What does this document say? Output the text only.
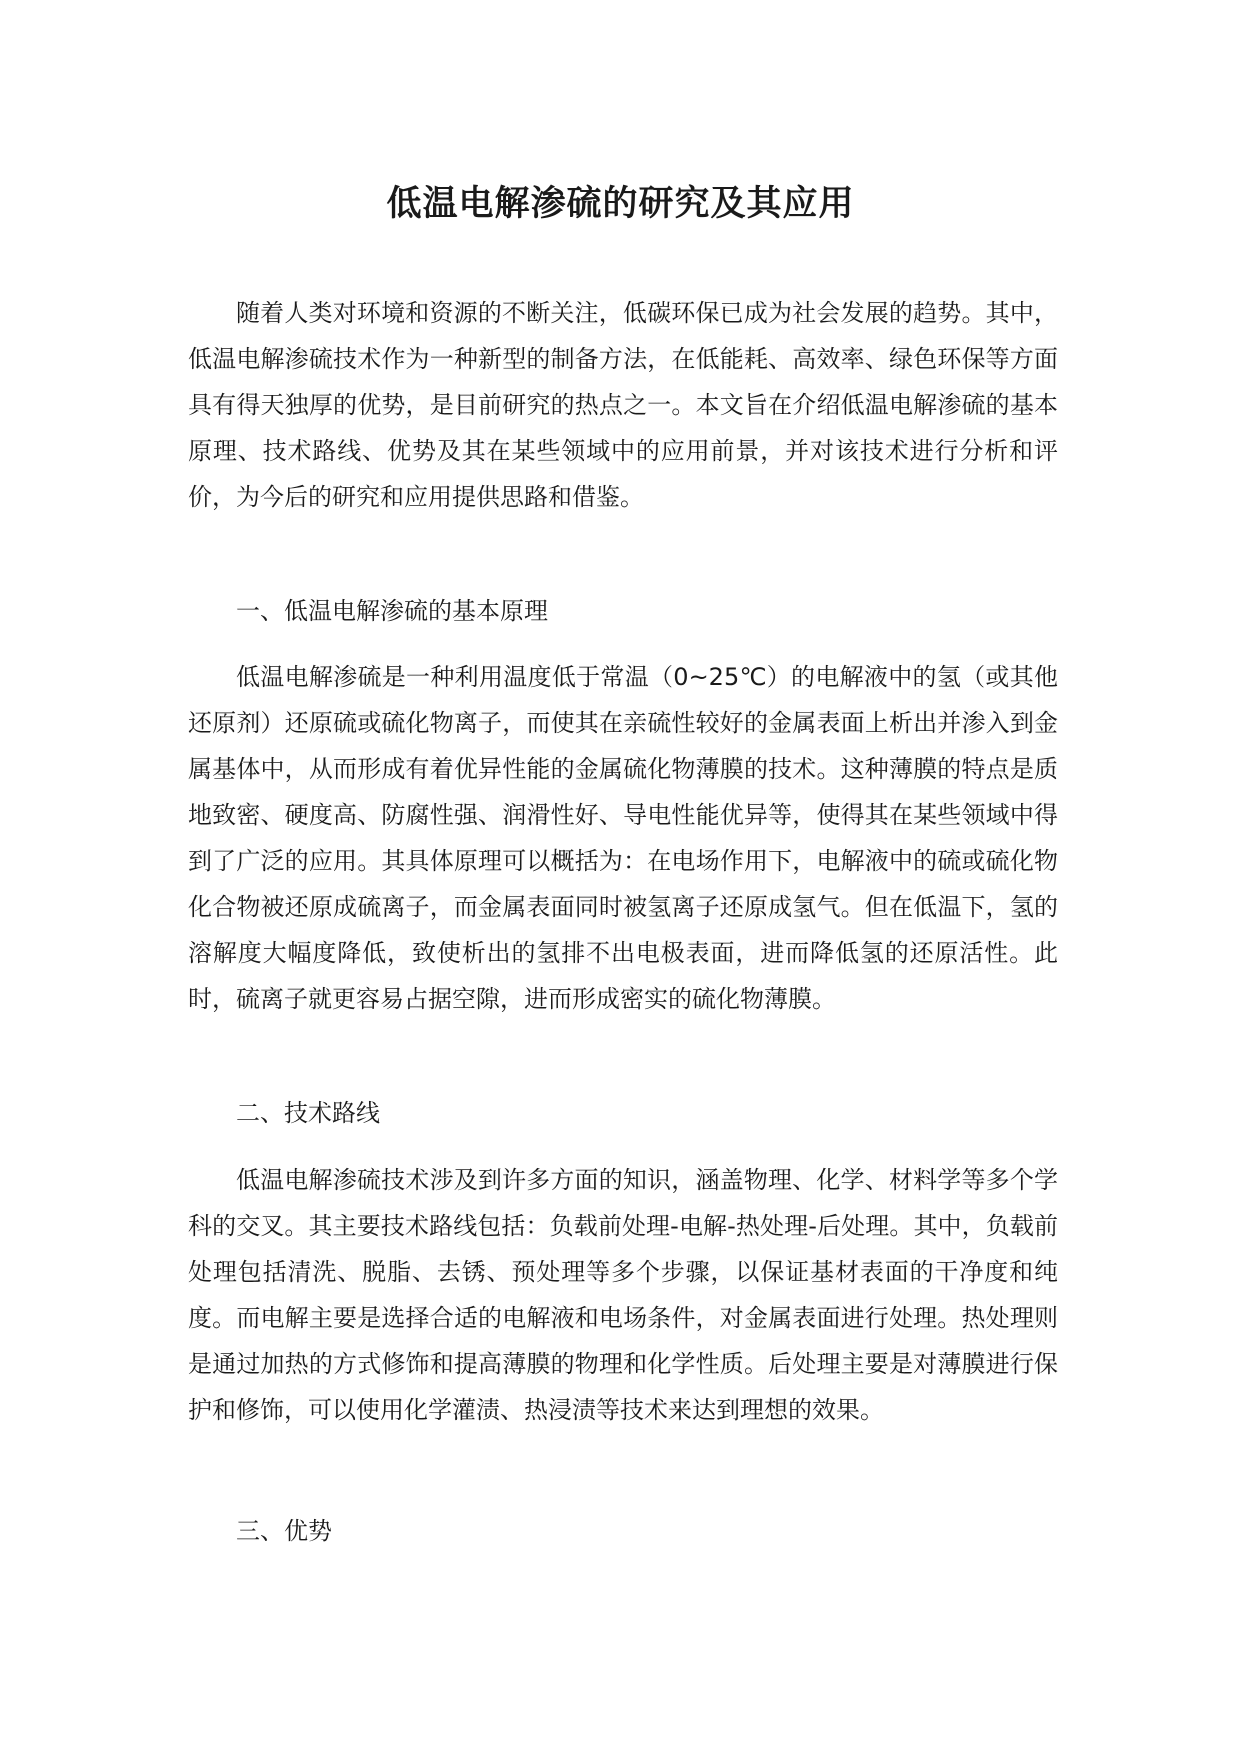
低温电解渗硫的研究及其应用

随着人类对环境和资源的不断关注，低碳环保已成为社会发展的趋势。其中，低温电解渗硫技术作为一种新型的制备方法，在低能耗、高效率、绿色环保等方面具有得天独厚的优势，是目前研究的热点之一。本文旨在介绍低温电解渗硫的基本原理、技术路线、优势及其在某些领域中的应用前景，并对该技术进行分析和评价，为今后的研究和应用提供思路和借鉴。

一、低温电解渗硫的基本原理

低温电解渗硫是一种利用温度低于常温（0~25℃）的电解液中的氢（或其他还原剂）还原硫或硫化物离子，而使其在亲硫性较好的金属表面上析出并渗入到金属基体中，从而形成有着优异性能的金属硫化物薄膜的技术。这种薄膜的特点是质地致密、硬度高、防腐性强、润滑性好、导电性能优异等，使得其在某些领域中得到了广泛的应用。其具体原理可以概括为：在电场作用下，电解液中的硫或硫化物化合物被还原成硫离子，而金属表面同时被氢离子还原成氢气。但在低温下，氢的溶解度大幅度降低，致使析出的氢排不出电极表面，进而降低氢的还原活性。此时，硫离子就更容易占据空隙，进而形成密实的硫化物薄膜。

二、技术路线

低温电解渗硫技术涉及到许多方面的知识，涵盖物理、化学、材料学等多个学科的交叉。其主要技术路线包括：负载前处理-电解-热处理-后处理。其中，负载前处理包括清洗、脱脂、去锈、预处理等多个步骤，以保证基材表面的干净度和纯度。而电解主要是选择合适的电解液和电场条件，对金属表面进行处理。热处理则是通过加热的方式修饰和提高薄膜的物理和化学性质。后处理主要是对薄膜进行保护和修饰，可以使用化学灌渍、热浸渍等技术来达到理想的效果。

三、优势
